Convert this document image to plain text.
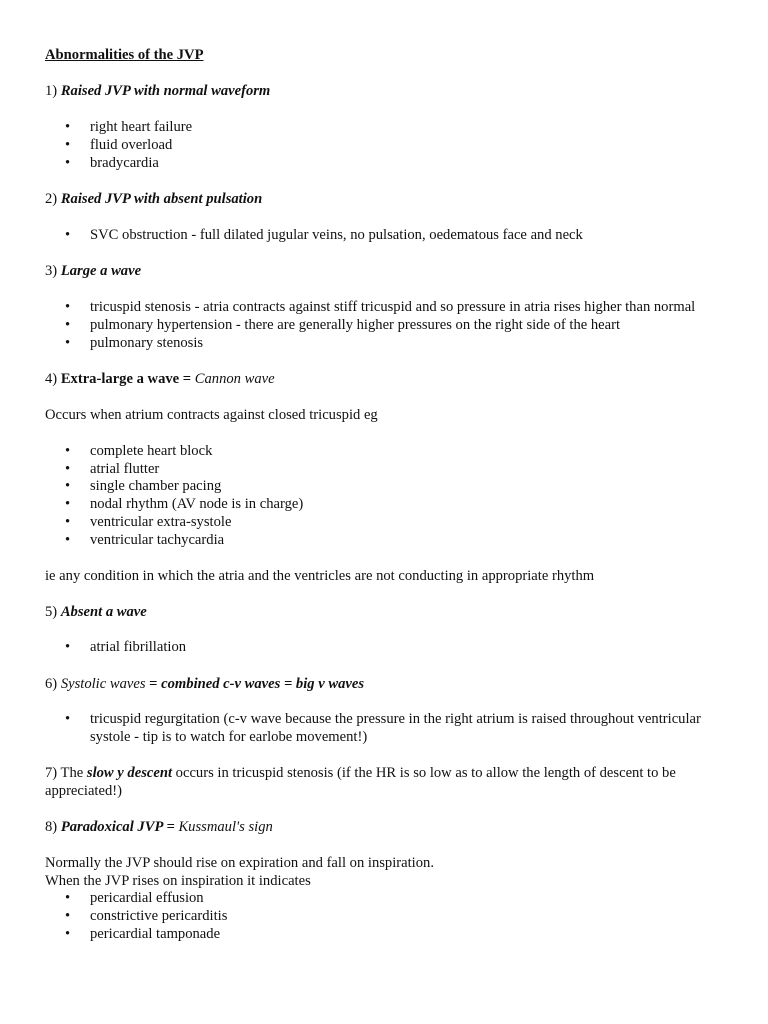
Abnormalities of the JVP
1) Raised JVP with normal waveform
• right heart failure
• fluid overload
• bradycardia
2) Raised JVP with absent pulsation
• SVC obstruction - full dilated jugular veins, no pulsation, oedematous face and neck
3) Large a wave
• tricuspid stenosis - atria contracts against stiff tricuspid and so pressure in atria rises higher than normal
• pulmonary hypertension - there are generally higher pressures on the right side of the heart
• pulmonary stenosis
4) Extra-large a wave = Cannon wave
Occurs when atrium contracts against closed tricuspid eg
• complete heart block
• atrial flutter
• single chamber pacing
• nodal rhythm (AV node is in charge)
• ventricular extra-systole
• ventricular tachycardia
ie any condition in which the atria and the ventricles are not conducting in appropriate rhythm
5) Absent a wave
• atrial fibrillation
6) Systolic waves = combined c-v waves = big v waves
• tricuspid regurgitation (c-v wave because the pressure in the right atrium is raised throughout ventricular systole - tip is to watch for earlobe movement!)
7) The slow y descent occurs in tricuspid stenosis (if the HR is so low as to allow the length of descent to be
appreciated!)
8) Paradoxical JVP = Kussmaul's sign
Normally the JVP should rise on expiration and fall on inspiration.
When the JVP rises on inspiration it indicates
• pericardial effusion
• constrictive pericarditis
• pericardial tamponade
